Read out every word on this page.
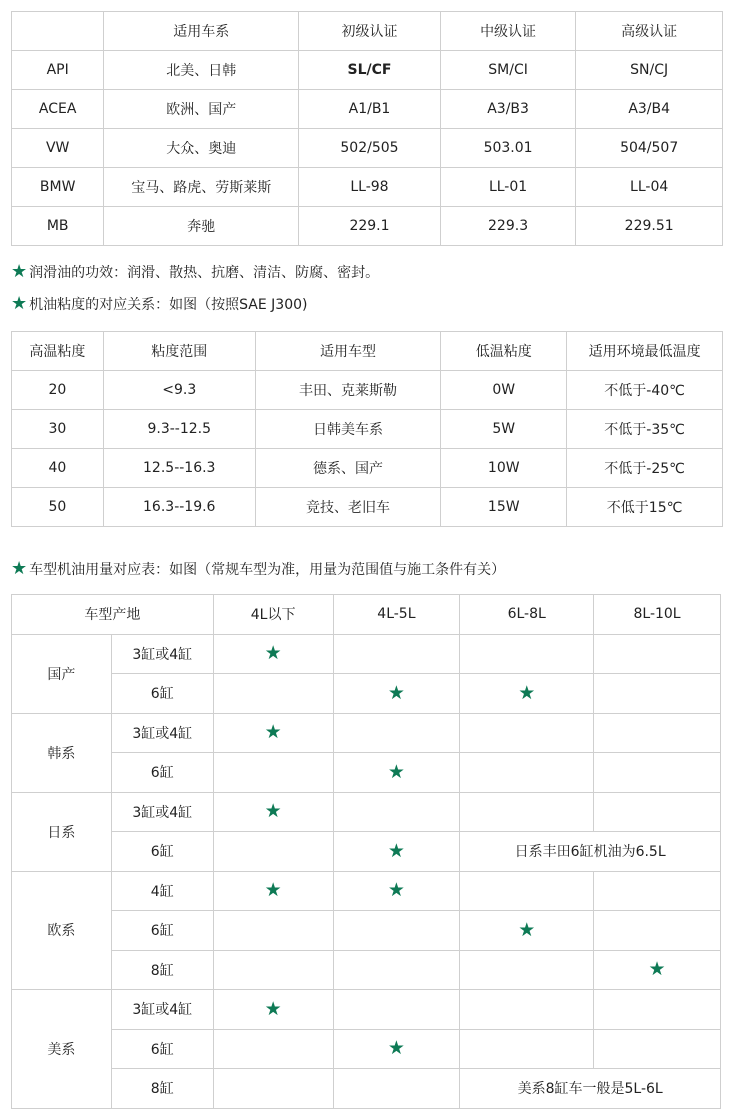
	适用车系	初级认证	中级认证	高级认证
API	北美、日韩	SL/CF	SM/CI	SN/CJ
ACEA	欧洲、国产	A1/B1	A3/B3	A3/B4
VW	大众、奥迪	502/505	503.01	504/507
BMW	宝马、路虎、劳斯莱斯	LL-98	LL-01	LL-04
MB	奔驰	229.1	229.3	229.51
★ 润滑油的功效：润滑、散热、抗磨、清洁、防腐、密封。
★ 机油粘度的对应关系：如图（按照SAE J300)
高温粘度	粘度范围	适用车型	低温粘度	适用环境最低温度
20	<9.3	丰田、克莱斯勒	0W	不低于-40℃
30	9.3--12.5	日韩美车系	5W	不低于-35℃
40	12.5--16.3	德系、国产	10W	不低于-25℃
50	16.3--19.6	竞技、老旧车	15W	不低于15℃
★ 车型机油用量对应表：如图（常规车型为准，用量为范围值与施工条件有关）
车型产地		4L以下	4L-5L	6L-8L	8L-10L
国产	3缸或4缸	★			
	6缸		★	★	
韩系	3缸或4缸	★			
	6缸		★		
日系	3缸或4缸	★			
	6缸		★	日系丰田6缸机油为6.5L	
欧系	4缸	★	★		
	6缸			★	
	8缸				★
美系	3缸或4缸	★			
	6缸		★		
	8缸			美系8缸车一般是5L-6L	
